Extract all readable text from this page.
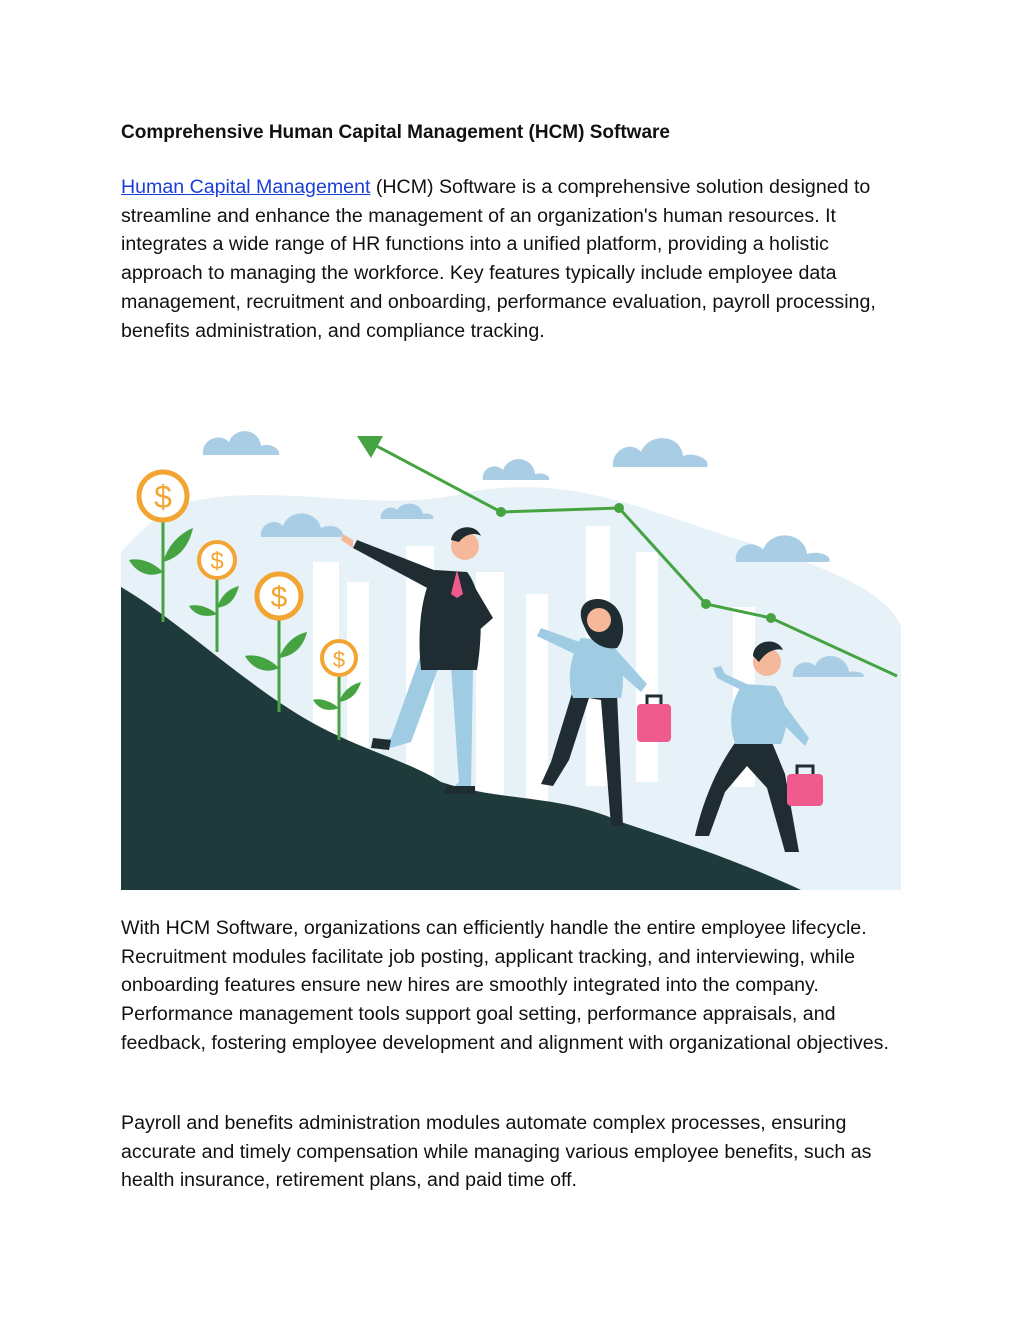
Comprehensive Human Capital Management (HCM) Software

Human Capital Management (HCM) Software is a comprehensive solution designed to streamline and enhance the management of an organization's human resources. It integrates a wide range of HR functions into a unified platform, providing a holistic approach to managing the workforce. Key features typically include employee data management, recruitment and onboarding, performance evaluation, payroll processing, benefits administration, and compliance tracking.

With HCM Software, organizations can efficiently handle the entire employee lifecycle. Recruitment modules facilitate job posting, applicant tracking, and interviewing, while onboarding features ensure new hires are smoothly integrated into the company. Performance management tools support goal setting, performance appraisals, and feedback, fostering employee development and alignment with organizational objectives.

Payroll and benefits administration modules automate complex processes, ensuring accurate and timely compensation while managing various employee benefits, such as health insurance, retirement plans, and paid time off.

$
$
$
$
